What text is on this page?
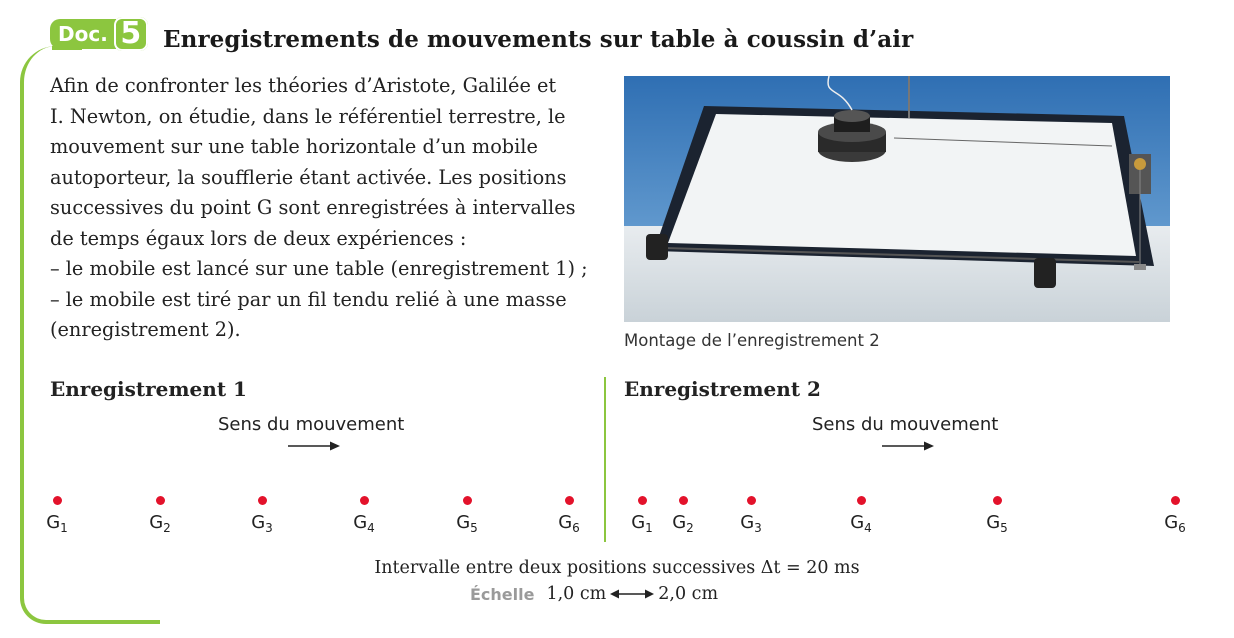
Doc. 5 Enregistrements de mouvements sur table à coussin d’air

Afin de confronter les théories d’Aristote, Galilée et

I. Newton, on étudie, dans le référentiel terrestre, le

mouvement sur une table horizontale d’un mobile

autoporteur, la soufflerie étant activée. Les positions

successives du point G sont enregistrées à intervalles

de temps égaux lors de deux expériences :

– le mobile est lancé sur une table (enregistrement 1) ;

– le mobile est tiré par un fil tendu relié à une masse

(enregistrement 2).	Montage de l’enregistrement 2
Enregistrement 1
Sens du mouvement
$G_1$	$G_2$	$G_3$	$G_4$	$G_5$	$G_6$
Enregistrement 2
Sens du mouvement
$G_1$ $G_2$	$G_3$	$G_4$	$G_5$	$G_6$
Intervalle entre deux positions successives Δt = 20 ms
Échelle 1,0 cm	2,0 cm
